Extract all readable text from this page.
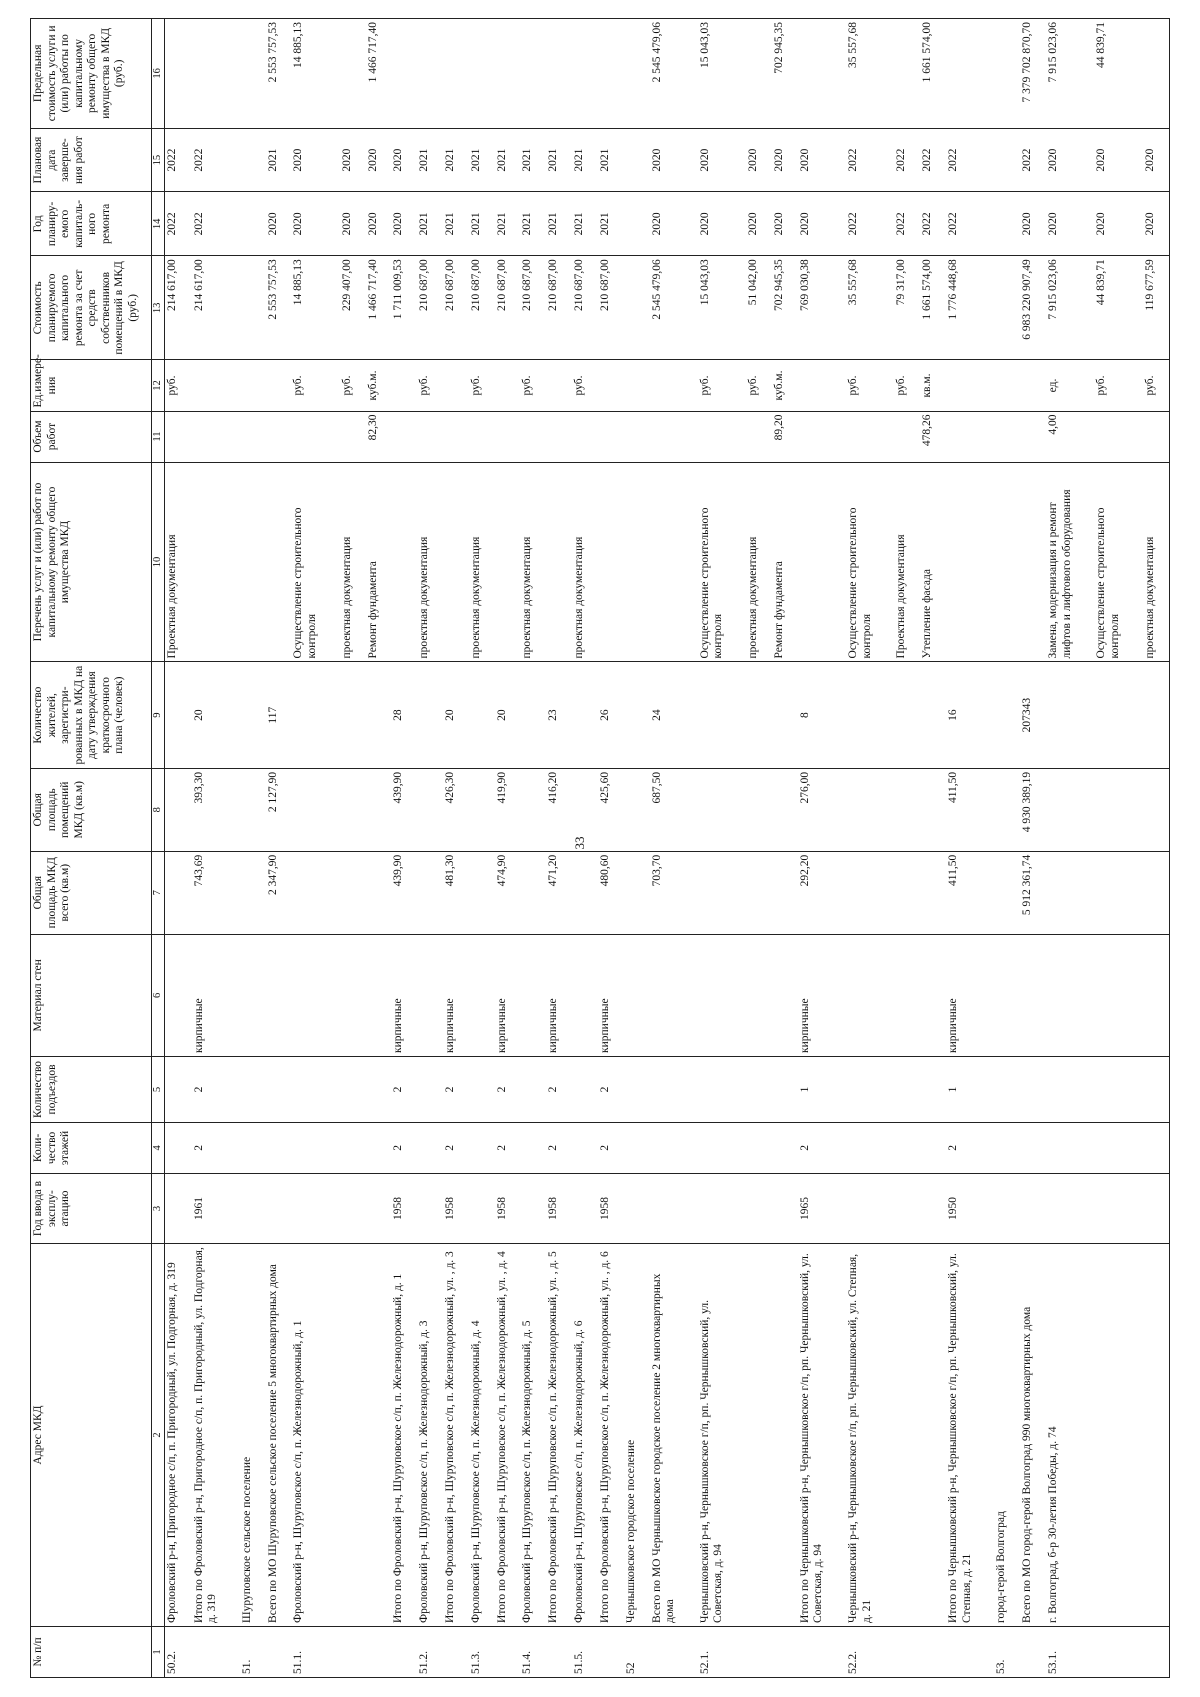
33
№ п/п	Адрес МКД	Год ввода в эксплу-атацию	Коли-чество этажей	Количество подъездов	Материал стен	Общая площадь МКД всего (кв.м)	Общая площадь помещений МКД (кв.м)	Количество жителей, зарегистри-рованных в МКД на дату утверждения краткосрочного плана (человек)	Перечень услуг и (или) работ по капитальному ремонту общего имущества МКД	Объем работ	Ед.измере-ния	Стоимость планируемого капитального ремонта за счет средств собственников помещений в МКД (руб.)	Год планиру-емого капиталь-ного ремонта	Плановая дата заверше-ния работ	Предельная стоимость услуги и (или) работы по капитальному ремонту общего имущества в МКД (руб.)
1	2	3	4	5	6	7	8	9	10	11	12	13	14	15	16
50.2.	Фроловский р-н, Пригородное с/п, п. Пригородный, ул. Подгорная, д. 319								Проектная документация		руб.	214 617,00	2022	2022	
	Итого по Фроловский р-н, Пригородное с/п, п. Пригородный, ул. Подгорная, д. 319	1961	2	2	кирпичные	743,69	393,30	20				214 617,00	2022	2022	
51.	Шуруповское сельское поселение														
	Всего по МО Шуруповское сельское поселение 5 многоквартирных дома					2 347,90	2 127,90	117				2 553 757,53	2020	2021	2 553 757,53
51.1.	Фроловский р-н, Шуруповское с/п, п. Железнодорожный, д. 1								Осуществление строительного контроля		руб.	14 885,13	2020	2020	14 885,13
									проектная документация		руб.	229 407,00	2020	2020	
									Ремонт фундамента	82,30	куб.м.	1 466 717,40	2020	2020	1 466 717,40
	Итого по Фроловский р-н, Шуруповское с/п, п. Железнодорожный, д. 1	1958	2	2	кирпичные	439,90	439,90	28				1 711 009,53	2020	2020	
51.2.	Фроловский р-н, Шуруповское с/п, п. Железнодорожный, д. 3								проектная документация		руб.	210 687,00	2021	2021	
	Итого по Фроловский р-н, Шуруповское с/п, п. Железнодорожный, ул. , д. 3	1958	2	2	кирпичные	481,30	426,30	20				210 687,00	2021	2021	
51.3.	Фроловский р-н, Шуруповское с/п, п. Железнодорожный, д. 4								проектная документация		руб.	210 687,00	2021	2021	
	Итого по Фроловский р-н, Шуруповское с/п, п. Железнодорожный, ул. , д. 4	1958	2	2	кирпичные	474,90	419,90	20				210 687,00	2021	2021	
51.4.	Фроловский р-н, Шуруповское с/п, п. Железнодорожный, д. 5								проектная документация		руб.	210 687,00	2021	2021	
	Итого по Фроловский р-н, Шуруповское с/п, п. Железнодорожный, ул. , д. 5	1958	2	2	кирпичные	471,20	416,20	23				210 687,00	2021	2021	
51.5.	Фроловский р-н, Шуруповское с/п, п. Железнодорожный, д. 6								проектная документация		руб.	210 687,00	2021	2021	
	Итого по Фроловский р-н, Шуруповское с/п, п. Железнодорожный, ул. , д. 6	1958	2	2	кирпичные	480,60	425,60	26				210 687,00	2021	2021	
52	Чернышковское городское поселение														
	Всего по МО Чернышковское городское поселение 2 многоквартирных дома					703,70	687,50	24				2 545 479,06	2020	2020	2 545 479,06
52.1.	Чернышковский р-н, Чернышковское г/п, рп. Чернышковский, ул. Советская, д. 94								Осуществление строительного контроля		руб.	15 043,03	2020	2020	15 043,03
									проектная документация		руб.	51 042,00	2020	2020	
									Ремонт фундамента	89,20	куб.м.	702 945,35	2020	2020	702 945,35
	Итого по Чернышковский р-н, Чернышковское г/п, рп. Чернышковский, ул. Советская, д. 94	1965	2	1	кирпичные	292,20	276,00	8				769 030,38	2020	2020	
52.2.	Чернышковский р-н, Чернышковское г/п, рп. Чернышковский, ул. Степная, д. 21								Осуществление строительного контроля		руб.	35 557,68	2022	2022	35 557,68
									Проектная документация		руб.	79 317,00	2022	2022	
									Утепление фасада	478,26	кв.м.	1 661 574,00	2022	2022	1 661 574,00
	Итого по Чернышковский р-н, Чернышковское г/п, рп. Чернышковский, ул. Степная, д. 21	1950	2	1	кирпичные	411,50	411,50	16				1 776 448,68	2022	2022	
53.	город-герой Волгоград														
	Всего по МО город-герой Волгоград 990 многоквартирных дома					5 912 361,74	4 930 389,19	207343				6 983 220 907,49	2020	2022	7 379 702 870,70
53.1.	г. Волгоград, б-р 30-летия Победы, д. 74								Замена, модернизация и ремонт лифтов и лифтового оборудования	4,00	ед.	7 915 023,06	2020	2020	7 915 023,06
									Осуществление строительного контроля		руб.	44 839,71	2020	2020	44 839,71
									проектная документация		руб.	119 677,59	2020	2020	
